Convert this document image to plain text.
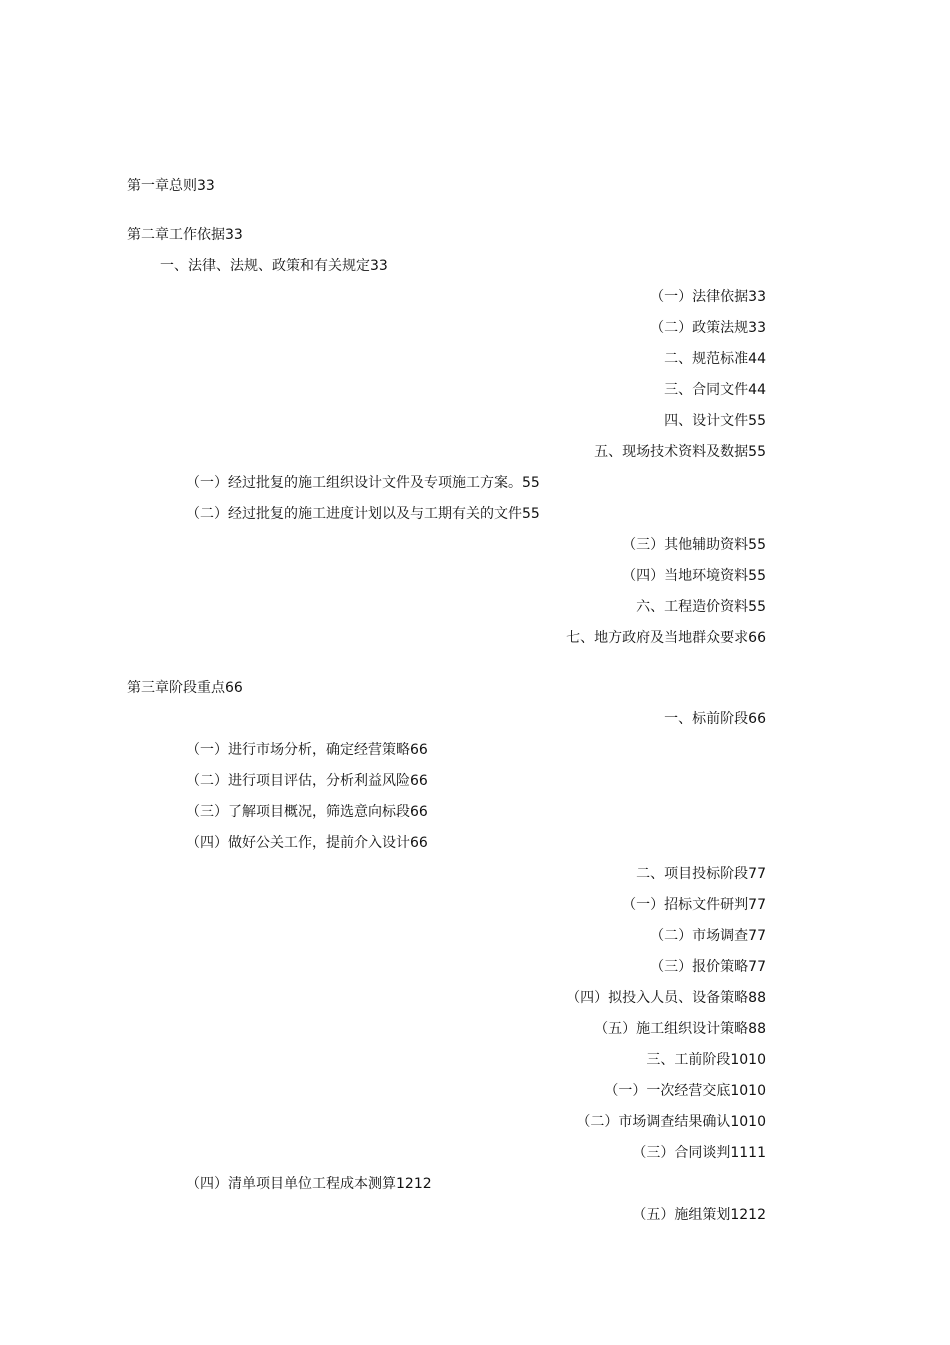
第一章总则33
第二章工作依据33
一、法律、法规、政策和有关规定33
（一）法律依据33
（二）政策法规33
二、规范标准44
三、合同文件44
四、设计文件55
五、现场技术资料及数据55
（一）经过批复的施工组织设计文件及专项施工方案。55
（二）经过批复的施工进度计划以及与工期有关的文件55
（三）其他辅助资料55
（四）当地环境资料55
六、工程造价资料55
七、地方政府及当地群众要求66
第三章阶段重点66
一、标前阶段66
（一）进行市场分析，确定经营策略66
（二）进行项目评估，分析利益风险66
（三）了解项目概况，筛选意向标段66
（四）做好公关工作，提前介入设计66
二、项目投标阶段77
（一）招标文件研判77
（二）市场调查77
（三）报价策略77
（四）拟投入人员、设备策略88
（五）施工组织设计策略88
三、工前阶段1010
（一）一次经营交底1010
（二）市场调查结果确认1010
（三）合同谈判1111
（四）清单项目单位工程成本测算1212
（五）施组策划1212
